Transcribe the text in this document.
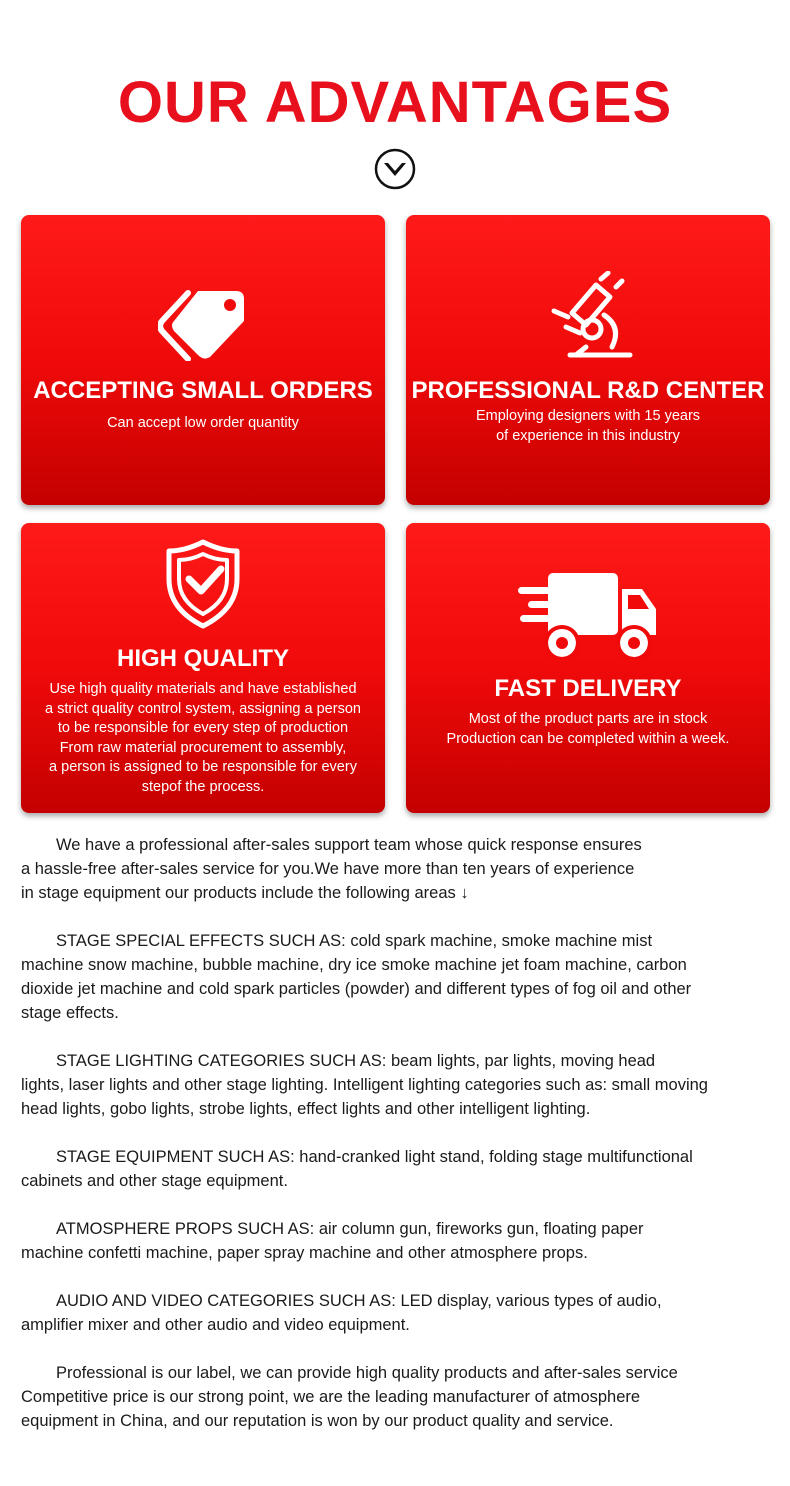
OUR ADVANTAGES
ACCEPTING SMALL ORDERS
Can accept low order quantity
PROFESSIONAL R&D CENTER
Employing designers with 15 years
of experience in this industry
HIGH QUALITY
Use high quality materials and have established
a strict quality control system, assigning a person
to be responsible for every step of production
From raw material procurement to assembly,
a person is assigned to be responsible for every
stepof the process.
FAST DELIVERY
Most of the product parts are in stock
Production can be completed within a week.
We have a professional after-sales support team whose quick response ensures
a hassle-free after-sales service for you.We have more than ten years of experience
in stage equipment our products include the following areas ↓
STAGE SPECIAL EFFECTS SUCH AS: cold spark machine, smoke machine mist
machine snow machine, bubble machine, dry ice smoke machine jet foam machine, carbon
dioxide jet machine and cold spark particles (powder) and different types of fog oil and other
stage effects.
STAGE LIGHTING CATEGORIES SUCH AS: beam lights, par lights, moving head
lights, laser lights and other stage lighting. Intelligent lighting categories such as: small moving
head lights, gobo lights, strobe lights, effect lights and other intelligent lighting.
STAGE EQUIPMENT SUCH AS: hand-cranked light stand, folding stage multifunctional
cabinets and other stage equipment.
ATMOSPHERE PROPS SUCH AS: air column gun, fireworks gun, floating paper
machine confetti machine, paper spray machine and other atmosphere props.
AUDIO AND VIDEO CATEGORIES SUCH AS: LED display, various types of audio,
amplifier mixer and other audio and video equipment.
Professional is our label, we can provide high quality products and after-sales service
Competitive price is our strong point, we are the leading manufacturer of atmosphere
equipment in China, and our reputation is won by our product quality and service.
